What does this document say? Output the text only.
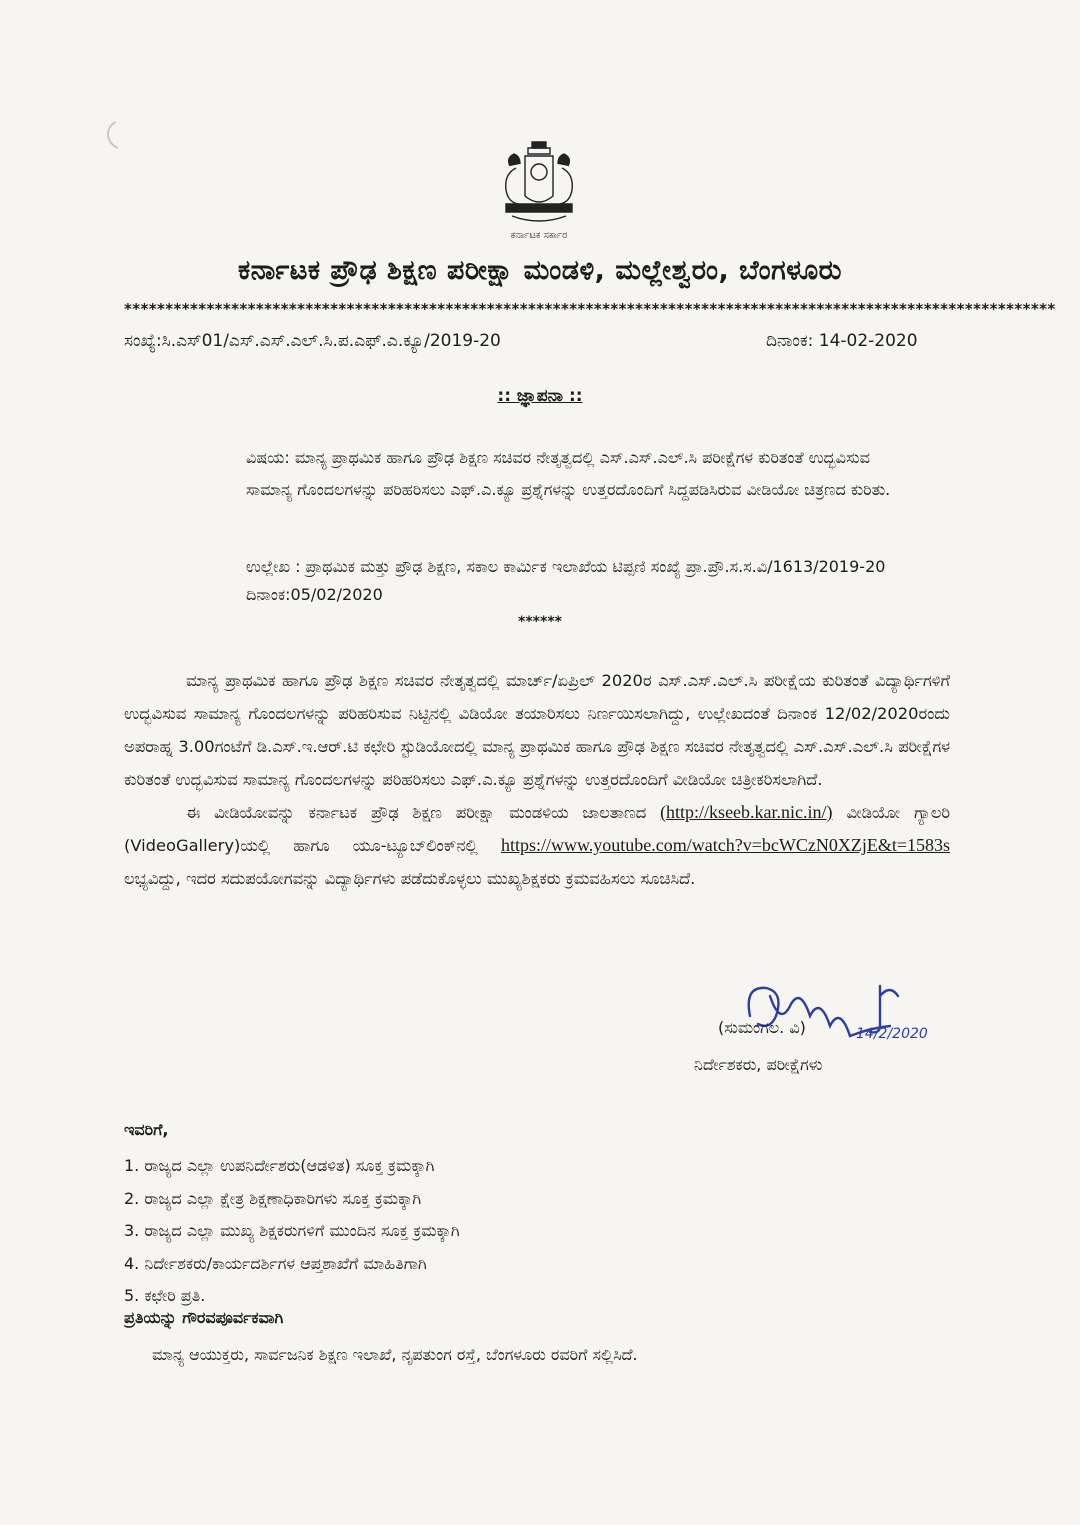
ಕರ್ನಾಟಕ ಸರ್ಕಾರ
ಕರ್ನಾಟಕ ಪ್ರೌಢ ಶಿಕ್ಷಣ ಪರೀಕ್ಷಾ ಮಂಡಳಿ, ಮಲ್ಲೇಶ್ವರಂ, ಬೆಂಗಳೂರು
*****************************************************************************************************************
ಸಂಖ್ಯೆ:ಸಿ.ಎಸ್01/ಎಸ್.ಎಸ್.ಎಲ್.ಸಿ.ಪ.ಎಫ್.ಎ.ಕ್ಯೂ/2019-20	ದಿನಾಂಕ: 14-02-2020
:: ಜ್ಞಾಪನಾ ::
ವಿಷಯ: ಮಾನ್ಯ ಪ್ರಾಥಮಿಕ ಹಾಗೂ ಪ್ರೌಢ ಶಿಕ್ಷಣ ಸಚಿವರ ನೇತೃತ್ವದಲ್ಲಿ ಎಸ್.ಎಸ್.ಎಲ್.ಸಿ ಪರೀಕ್ಷೆಗಳ ಕುರಿತಂತೆ ಉದ್ಭವಿಸುವ ಸಾಮಾನ್ಯ ಗೊಂದಲಗಳನ್ನು ಪರಿಹರಿಸಲು ಎಫ್.ಎ.ಕ್ಯೂ ಪ್ರಶ್ನೆಗಳನ್ನು ಉತ್ತರದೊಂದಿಗೆ ಸಿದ್ದಪಡಿಸಿರುವ ವೀಡಿಯೋ ಚಿತ್ರಣದ ಕುರಿತು.
ಉಲ್ಲೇಖ : ಪ್ರಾಥಮಿಕ ಮತ್ತು ಪ್ರೌಢ ಶಿಕ್ಷಣ, ಸಕಾಲ ಕಾರ್ಮಿಕ ಇಲಾಖೆಯ ಟಿಪ್ಪಣಿ ಸಂಖ್ಯೆ ಪ್ರಾ.ಪ್ರೌ.ಸ.ಸ.ವಿ/1613/2019-20 ದಿನಾಂಕ:05/02/2020
******
ಮಾನ್ಯ ಪ್ರಾಥಮಿಕ ಹಾಗೂ ಪ್ರೌಢ ಶಿಕ್ಷಣ ಸಚಿವರ ನೇತೃತ್ವದಲ್ಲಿ ಮಾರ್ಚ್/ಏಪ್ರಿಲ್ 2020ರ ಎಸ್.ಎಸ್.ಎಲ್.ಸಿ ಪರೀಕ್ಷೆಯ ಕುರಿತಂತೆ ವಿದ್ಯಾರ್ಥಿಗಳಿಗೆ ಉದ್ಭವಿಸುವ ಸಾಮಾನ್ಯ ಗೊಂದಲಗಳನ್ನು ಪರಿಹರಿಸುವ ನಿಟ್ಟಿನಲ್ಲಿ ವಿಡಿಯೋ ತಯಾರಿಸಲು ನಿರ್ಣಯಿಸಲಾಗಿದ್ದು, ಉಲ್ಲೇಖದಂತೆ ದಿನಾಂಕ 12/02/2020ರಂದು ಅಪರಾಹ್ನ 3.00ಗಂಟೆಗೆ ಡಿ.ಎಸ್.ಇ.ಆರ್.ಟಿ ಕಛೇರಿ ಸ್ಟುಡಿಯೋದಲ್ಲಿ ಮಾನ್ಯ ಪ್ರಾಥಮಿಕ ಹಾಗೂ ಪ್ರೌಢ ಶಿಕ್ಷಣ ಸಚಿವರ ನೇತೃತ್ವದಲ್ಲಿ ಎಸ್.ಎಸ್.ಎಲ್.ಸಿ ಪರೀಕ್ಷೆಗಳ ಕುರಿತಂತೆ ಉದ್ಭವಿಸುವ ಸಾಮಾನ್ಯ ಗೊಂದಲಗಳನ್ನು ಪರಿಹರಿಸಲು ಎಫ್.ಎ.ಕ್ಯೂ ಪ್ರಶ್ನೆಗಳನ್ನು ಉತ್ತರದೊಂದಿಗೆ ವೀಡಿಯೋ ಚಿತ್ರೀಕರಿಸಲಾಗಿದೆ.
ಈ ವೀಡಿಯೋವನ್ನು ಕರ್ನಾಟಕ ಪ್ರೌಢ ಶಿಕ್ಷಣ ಪರೀಕ್ಷಾ ಮಂಡಳಿಯ ಜಾಲತಾಣದ (http://kseeb.kar.nic.in/) ವೀಡಿಯೋ ಗ್ಯಾಲರಿ (VideoGallery)ಯಲ್ಲಿ ಹಾಗೂ ಯೂ-ಟ್ಯೂಬ್‌ಲಿಂಕ್‌ನಲ್ಲಿ https://www.youtube.com/watch?v=bcWCzN0XZjE&t=1583s ಲಭ್ಯವಿದ್ದು, ಇದರ ಸದುಪಯೋಗವನ್ನು ವಿದ್ಯಾರ್ಥಿಗಳು ಪಡೆದುಕೊಳ್ಳಲು ಮುಖ್ಯಶಿಕ್ಷಕರು ಕ್ರಮವಹಿಸಲು ಸೂಚಿಸಿದೆ.
(ಸುಮಂಗಲ. ವಿ)	14/2/2020
ನಿರ್ದೇಶಕರು, ಪರೀಕ್ಷೆಗಳು
ಇವರಿಗೆ,
1. ರಾಜ್ಯದ ಎಲ್ಲಾ ಉಪನಿರ್ದೇಶರು(ಆಡಳಿತ) ಸೂಕ್ತ ಕ್ರಮಕ್ಕಾಗಿ
2. ರಾಜ್ಯದ ಎಲ್ಲಾ ಕ್ಷೇತ್ರ ಶಿಕ್ಷಣಾಧಿಕಾರಿಗಳು ಸೂಕ್ತ ಕ್ರಮಕ್ಕಾಗಿ
3. ರಾಜ್ಯದ ಎಲ್ಲಾ ಮುಖ್ಯ ಶಿಕ್ಷಕರುಗಳಿಗೆ ಮುಂದಿನ ಸೂಕ್ತ ಕ್ರಮಕ್ಕಾಗಿ
4. ನಿರ್ದೇಶಕರು/ಕಾರ್ಯದರ್ಶಿಗಳ ಆಪ್ತಶಾಖೆಗೆ ಮಾಹಿತಿಗಾಗಿ
5. ಕಛೇರಿ ಪ್ರತಿ.
ಪ್ರತಿಯನ್ನು ಗೌರವಪೂರ್ವಕವಾಗಿ
ಮಾನ್ಯ ಆಯುಕ್ತರು, ಸಾರ್ವಜನಿಕ ಶಿಕ್ಷಣ ಇಲಾಖೆ, ನೃಪತುಂಗ ರಸ್ತೆ, ಬೆಂಗಳೂರು ರವರಿಗೆ ಸಲ್ಲಿಸಿದೆ.
